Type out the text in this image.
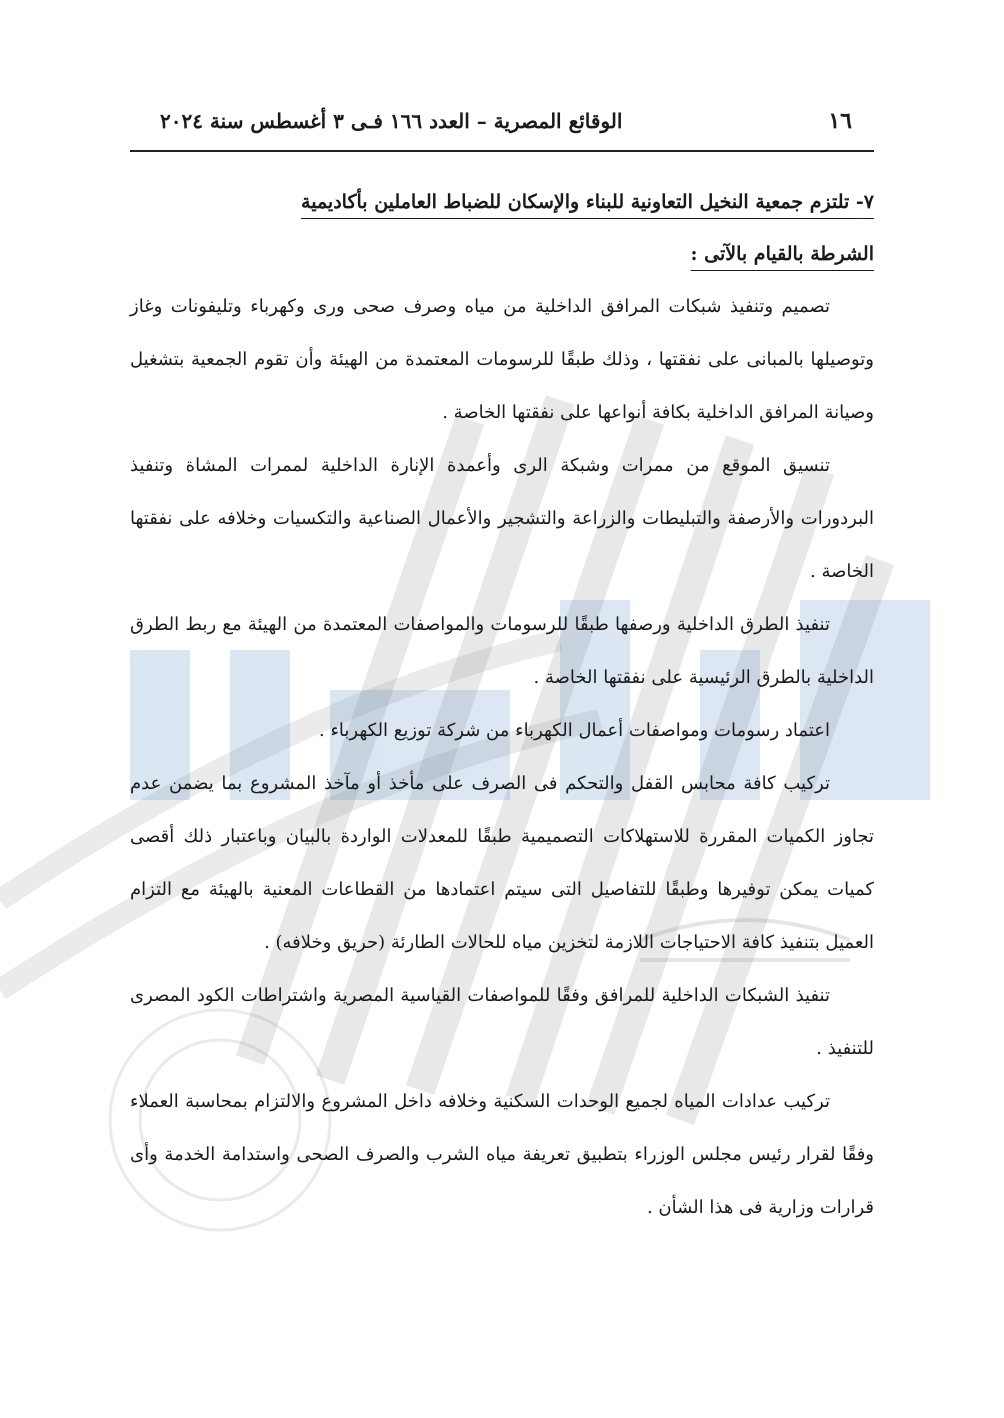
١٦
الوقائع المصرية – العدد ١٦٦ فـى ٣ أغسطس سنة ٢٠٢٤
٧- تلتزم جمعية النخيل التعاونية للبناء والإسكان للضباط العاملين بأكاديمية
الشرطة بالقيام بالآتى :

تصميم وتنفيذ شبكات المرافق الداخلية من مياه وصرف صحى ورى وكهرباء وتليفونات وغاز وتوصيلها بالمبانى على نفقتها ، وذلك طبقًا للرسومات المعتمدة من الهيئة وأن تقوم الجمعية بتشغيل وصيانة المرافق الداخلية بكافة أنواعها على نفقتها الخاصة .

تنسيق الموقع من ممرات وشبكة الرى وأعمدة الإنارة الداخلية لممرات المشاة وتنفيذ البردورات والأرصفة والتبليطات والزراعة والتشجير والأعمال الصناعية والتكسيات وخلافه على نفقتها الخاصة .

تنفيذ الطرق الداخلية ورصفها طبقًا للرسومات والمواصفات المعتمدة من الهيئة مع ربط الطرق الداخلية بالطرق الرئيسية على نفقتها الخاصة .

اعتماد رسومات ومواصفات أعمال الكهرباء من شركة توزيع الكهرباء .

تركيب كافة محابس القفل والتحكم فى الصرف على مأخذ أو مآخذ المشروع بما يضمن عدم تجاوز الكميات المقررة للاستهلاكات التصميمية طبقًا للمعدلات الواردة بالبيان وباعتبار ذلك أقصى كميات يمكن توفيرها وطبقًا للتفاصيل التى سيتم اعتمادها من القطاعات المعنية بالهيئة مع التزام العميل بتنفيذ كافة الاحتياجات اللازمة لتخزين مياه للحالات الطارئة (حريق وخلافه) .

تنفيذ الشبكات الداخلية للمرافق وفقًا للمواصفات القياسية المصرية واشتراطات الكود المصرى للتنفيذ .

تركيب عدادات المياه لجميع الوحدات السكنية وخلافه داخل المشروع والالتزام بمحاسبة العملاء وفقًا لقرار رئيس مجلس الوزراء بتطبيق تعريفة مياه الشرب والصرف الصحى واستدامة الخدمة وأى قرارات وزارية فى هذا الشأن .
